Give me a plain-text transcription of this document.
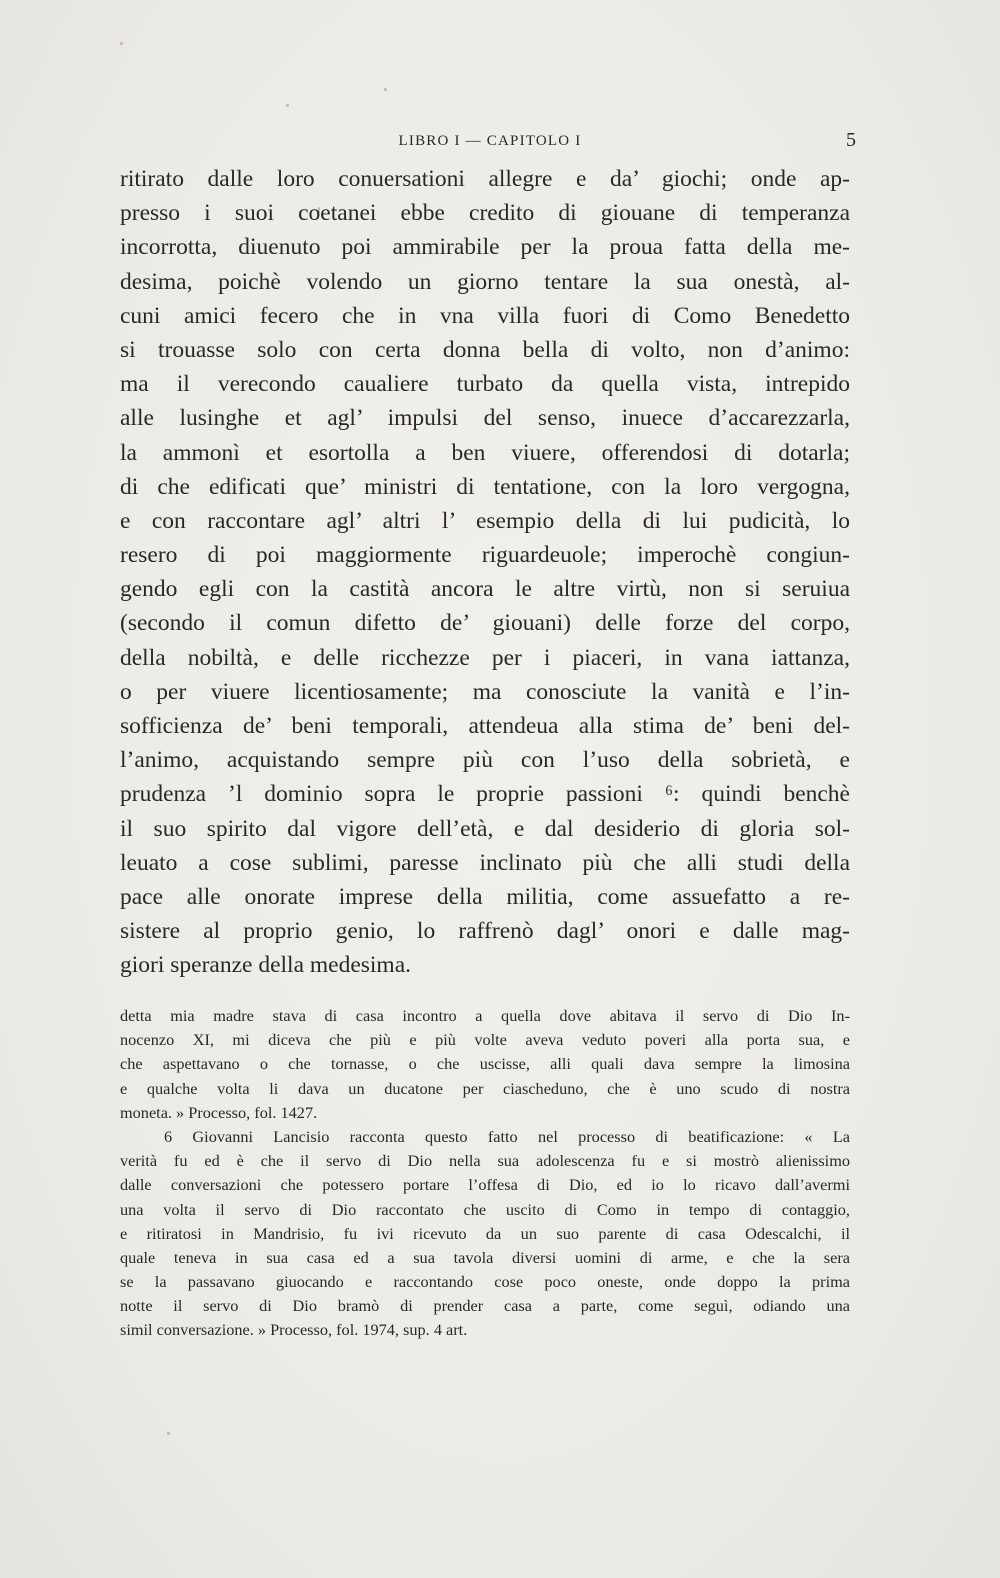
LIBRO I — CAPITOLO I	5
ritirato dalle loro conuersationi allegre e da’ giochi; onde ap-
presso i suoi coetanei ebbe credito di giouane di temperanza
incorrotta, diuenuto poi ammirabile per la proua fatta della me-
desima, poichè volendo un giorno tentare la sua onestà, al-
cuni amici fecero che in vna villa fuori di Como Benedetto
si trouasse solo con certa donna bella di volto, non d’animo:
ma il verecondo caualiere turbato da quella vista, intrepido
alle lusinghe et agl’ impulsi del senso, inuece d’accarezzarla,
la ammonì et esortolla a ben viuere, offerendosi di dotarla;
di che edificati que’ ministri di tentatione, con la loro vergogna,
e con raccontare agl’ altri l’ esempio della di lui pudicità, lo
resero di poi maggiormente riguardeuole; imperochè congiun-
gendo egli con la castità ancora le altre virtù, non si seruiua
(secondo il comun difetto de’ giouani) delle forze del corpo,
della nobiltà, e delle ricchezze per i piaceri, in vana iattanza,
o per viuere licentiosamente; ma conosciute la vanità e l’in-
sofficienza de’ beni temporali, attendeua alla stima de’ beni del-
l’animo, acquistando sempre più con l’uso della sobrietà, e
prudenza ’l dominio sopra le proprie passioni ⁶: quindi benchè
il suo spirito dal vigore dell’età, e dal desiderio di gloria sol-
leuato a cose sublimi, paresse inclinato più che alli studi della
pace alle onorate imprese della militia, come assuefatto a re-
sistere al proprio genio, lo raffrenò dagl’ onori e dalle mag-
giori speranze della medesima.
detta mia madre stava di casa incontro a quella dove abitava il servo di Dio In-
nocenzo XI, mi diceva che più e più volte aveva veduto poveri alla porta sua, e
che aspettavano o che tornasse, o che uscisse, alli quali dava sempre la limosina
e qualche volta li dava un ducatone per ciascheduno, che è uno scudo di nostra
moneta. » Processo, fol. 1427.
6 Giovanni Lancisio racconta questo fatto nel processo di beatificazione: « La
verità fu ed è che il servo di Dio nella sua adolescenza fu e si mostrò alienissimo
dalle conversazioni che potessero portare l’offesa di Dio, ed io lo ricavo dall’avermi
una volta il servo di Dio raccontato che uscito di Como in tempo di contaggio,
e ritiratosi in Mandrisio, fu ivi ricevuto da un suo parente di casa Odescalchi, il
quale teneva in sua casa ed a sua tavola diversi uomini di arme, e che la sera
se la passavano giuocando e raccontando cose poco oneste, onde doppo la prima
notte il servo di Dio bramò di prender casa a parte, come seguì, odiando una
simil conversazione. » Processo, fol. 1974, sup. 4 art.
